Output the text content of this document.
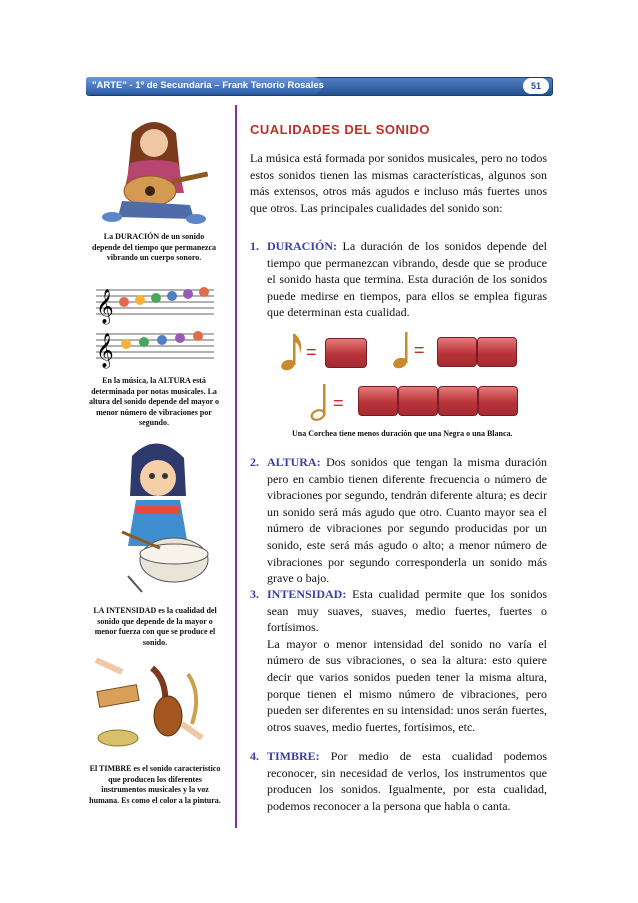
"ARTE" - 1º de Secundaria – Frank Tenorio Rosales	51
La DURACIÓN de un sonido depende del tiempo que permanezca vibrando un cuerpo sonoro.
𝄞
𝄞
En la música, la ALTURA está determinada por notas musicales. La altura del sonido depende del mayor o menor número de vibraciones por segundo.
LA INTENSIDAD es la cualidad del sonido que depende de la mayor o menor fuerza con que se produce el sonido.
El TIMBRE es el sonido característico que producen los diferentes instrumentos musicales y la voz humana. Es como el color a la pintura.
CUALIDADES DEL SONIDO
La música está formada por sonidos musicales, pero no todos estos sonidos tienen las mismas características, algunos son más extensos, otros más agudos e incluso más fuertes unos que otros. Las principales cualidades del sonido son:
1. DURACIÓN: La duración de los sonidos depende del tiempo que permanezcan vibrando, desde que se produce el sonido hasta que termina. Esta duración de los sonidos puede medirse en tiempos, para ellos se emplea figuras que determinan esta cualidad.
=	=
=
Una Corchea tiene menos duración que una Negra o una Blanca.
2. ALTURA: Dos sonidos que tengan la misma duración pero en cambio tienen diferente frecuencia o número de vibraciones por segundo, tendrán diferente altura; es decir un sonido será más agudo que otro. Cuanto mayor sea el número de vibraciones por segundo producidas por un sonido, este será más agudo o alto; a menor número de vibraciones por segundo corresponderla un sonido más grave o bajo.
3. INTENSIDAD: Esta cualidad permite que los sonidos sean muy suaves, suaves, medio fuertes, fuertes o fortísimos.
La mayor o menor intensidad del sonido no varía el número de sus vibraciones, o sea la altura: esto quiere decir que varios sonidos pueden tener la misma altura, porque tienen el mismo número de vibraciones, pero pueden ser diferentes en su intensidad: unos serán fuertes, otros suaves, medio fuertes, fortísimos, etc.
4. TIMBRE: Por medio de esta cualidad podemos reconocer, sin necesidad de verlos, los instrumentos que producen los sonidos. Igualmente, por esta cualidad, podemos reconocer a la persona que habla o canta.
